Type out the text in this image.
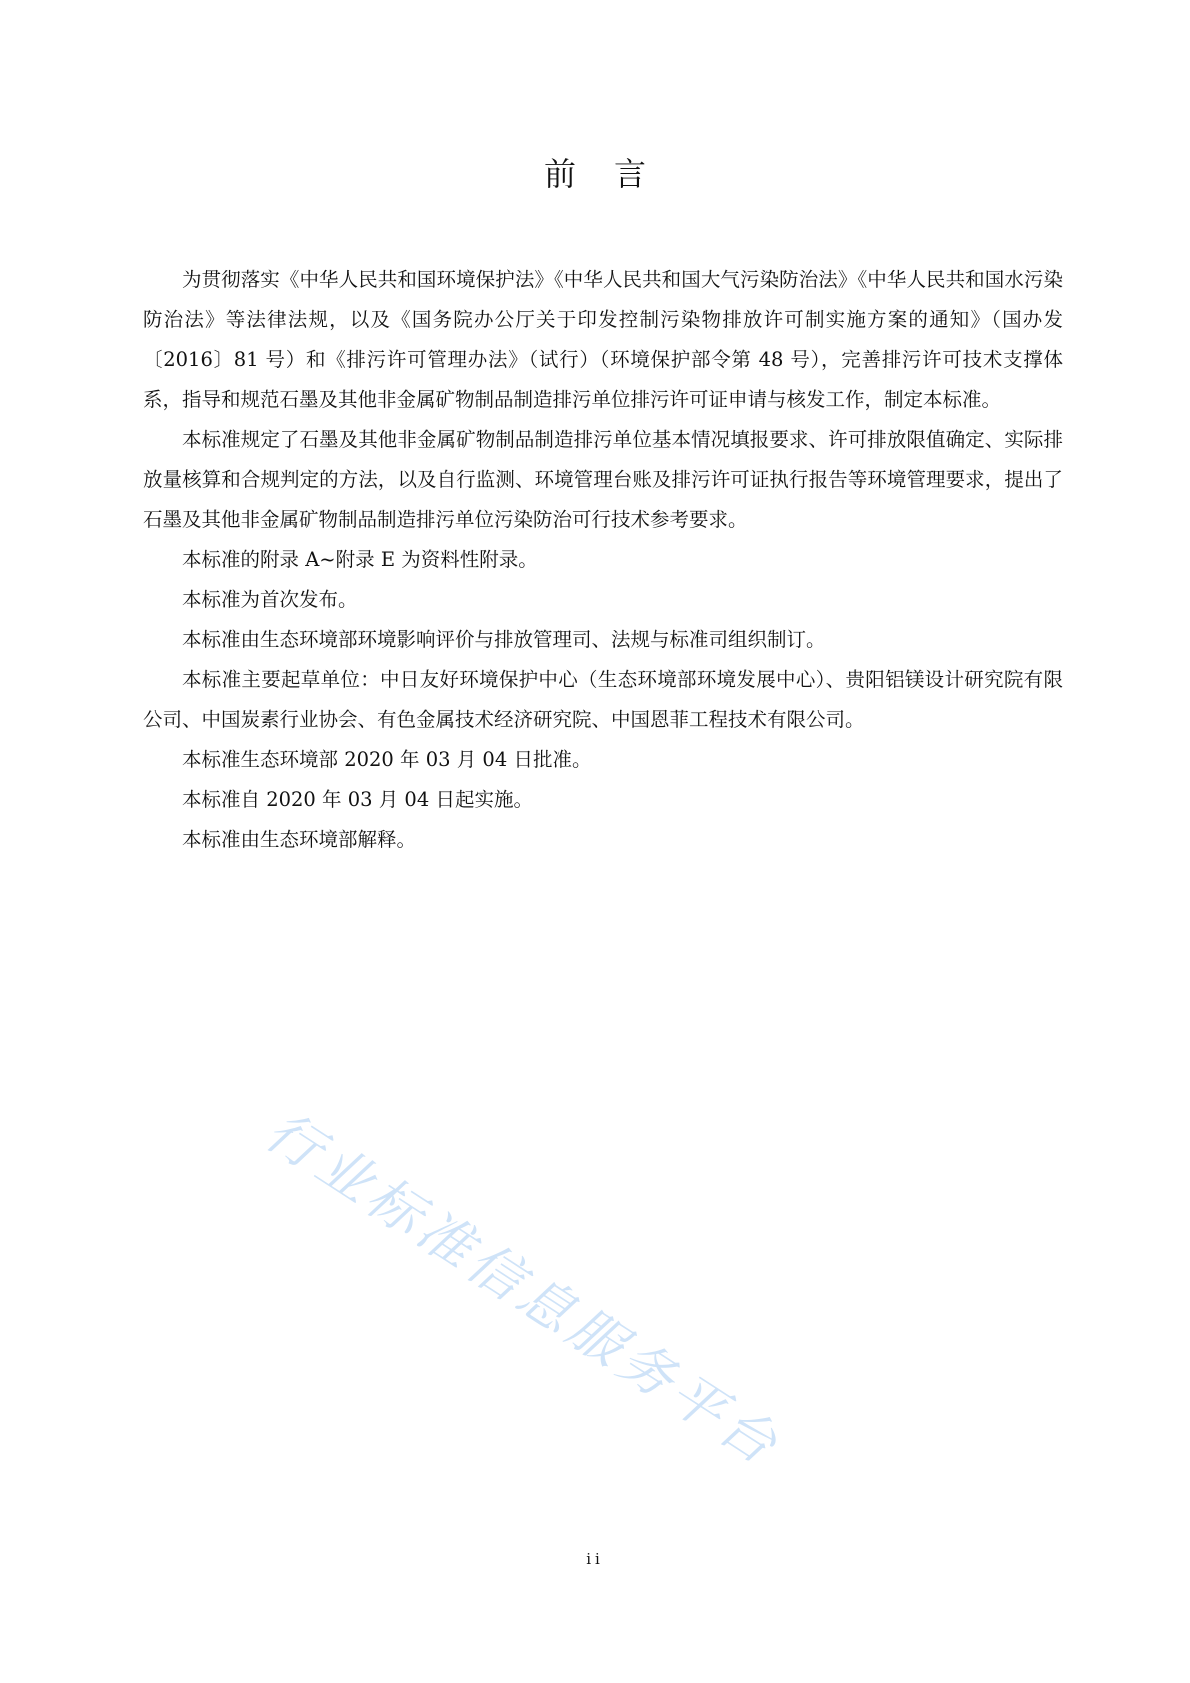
前言

为贯彻落实《中华人民共和国环境保护法》《中华人民共和国大气污染防治法》《中华人民共和国水污染防治法》等法律法规，以及《国务院办公厅关于印发控制污染物排放许可制实施方案的通知》（国办发〔2016〕81 号）和《排污许可管理办法》（试行）（环境保护部令第 48 号），完善排污许可技术支撑体系，指导和规范石墨及其他非金属矿物制品制造排污单位排污许可证申请与核发工作，制定本标准。

本标准规定了石墨及其他非金属矿物制品制造排污单位基本情况填报要求、许可排放限值确定、实际排放量核算和合规判定的方法，以及自行监测、环境管理台账及排污许可证执行报告等环境管理要求，提出了石墨及其他非金属矿物制品制造排污单位污染防治可行技术参考要求。

本标准的附录 A~附录 E 为资料性附录。

本标准为首次发布。

本标准由生态环境部环境影响评价与排放管理司、法规与标准司组织制订。

本标准主要起草单位：中日友好环境保护中心（生态环境部环境发展中心）、贵阳铝镁设计研究院有限公司、中国炭素行业协会、有色金属技术经济研究院、中国恩菲工程技术有限公司。

本标准生态环境部 2020 年 03 月 04 日批准。

本标准自 2020 年 03 月 04 日起实施。

本标准由生态环境部解释。

行业标准信息服务平台
ii
